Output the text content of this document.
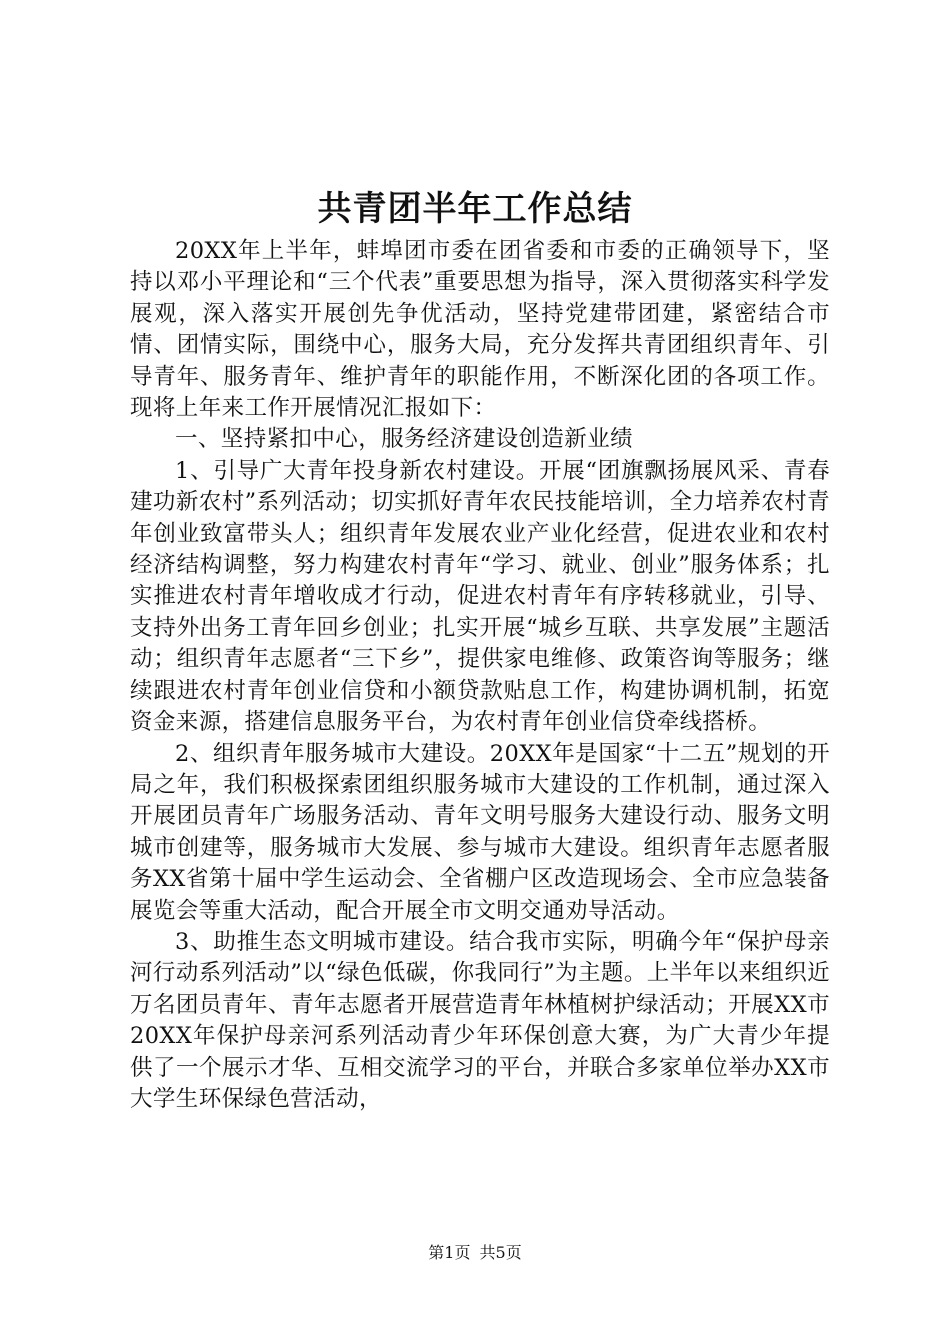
共青团半年工作总结

20XX年上半年，蚌埠团市委在团省委和市委的正确领导下，坚持以邓小平理论和“三个代表”重要思想为指导，深入贯彻落实科学发展观，深入落实开展创先争优活动，坚持党建带团建，紧密结合市情、团情实际，围绕中心，服务大局，充分发挥共青团组织青年、引导青年、服务青年、维护青年的职能作用，不断深化团的各项工作。现将上年来工作开展情况汇报如下：

一、坚持紧扣中心，服务经济建设创造新业绩

1、引导广大青年投身新农村建设。开展“团旗飘扬展风采、青春建功新农村”系列活动；切实抓好青年农民技能培训，全力培养农村青年创业致富带头人；组织青年发展农业产业化经营，促进农业和农村经济结构调整，努力构建农村青年“学习、就业、创业”服务体系；扎实推进农村青年增收成才行动，促进农村青年有序转移就业，引导、支持外出务工青年回乡创业；扎实开展“城乡互联、共享发展”主题活动；组织青年志愿者“三下乡”，提供家电维修、政策咨询等服务；继续跟进农村青年创业信贷和小额贷款贴息工作，构建协调机制，拓宽资金来源，搭建信息服务平台，为农村青年创业信贷牵线搭桥。

2、组织青年服务城市大建设。20XX年是国家“十二五”规划的开局之年，我们积极探索团组织服务城市大建设的工作机制，通过深入开展团员青年广场服务活动、青年文明号服务大建设行动、服务文明城市创建等，服务城市大发展、参与城市大建设。组织青年志愿者服务XX省第十届中学生运动会、全省棚户区改造现场会、全市应急装备展览会等重大活动，配合开展全市文明交通劝导活动。

3、助推生态文明城市建设。结合我市实际，明确今年“保护母亲河行动系列活动”以“绿色低碳，你我同行”为主题。上半年以来组织近万名团员青年、青年志愿者开展营造青年林植树护绿活动；开展XX市20XX年保护母亲河系列活动青少年环保创意大赛，为广大青少年提供了一个展示才华、互相交流学习的平台，并联合多家单位举办XX市大学生环保绿色营活动，

第1页 共5页
